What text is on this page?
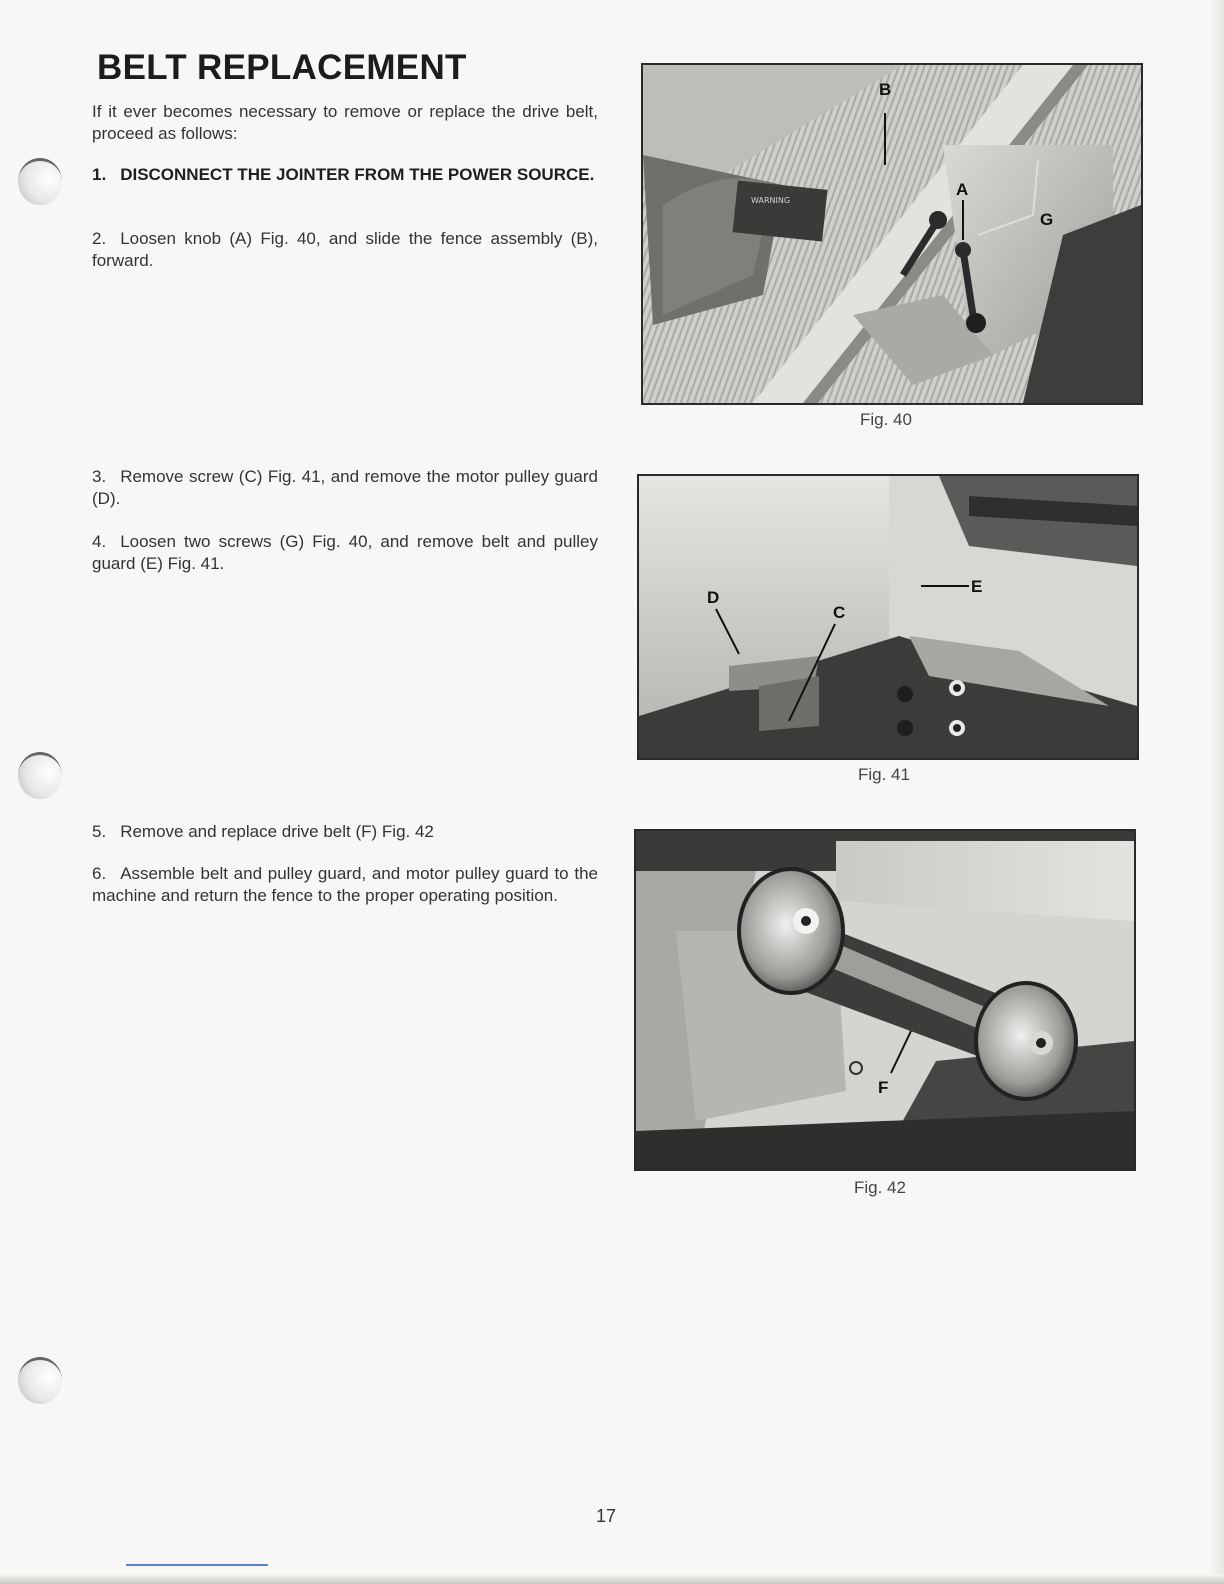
BELT REPLACEMENT

If it ever becomes necessary to remove or replace the drive belt, proceed as follows:

1. DISCONNECT THE JOINTER FROM THE POWER SOURCE.

2. Loosen knob (A) Fig. 40, and slide the fence assembly (B), forward.

3. Remove screw (C) Fig. 41, and remove the motor pulley guard (D).

4. Loosen two screws (G) Fig. 40, and remove belt and pulley guard (E) Fig. 41.

5. Remove and replace drive belt (F) Fig. 42

6. Assemble belt and pulley guard, and motor pulley guard to the machine and return the fence to the proper operating position.

WARNING
B
A
G
Fig. 40
D
C
E
Fig. 41
F
Fig. 42
17
